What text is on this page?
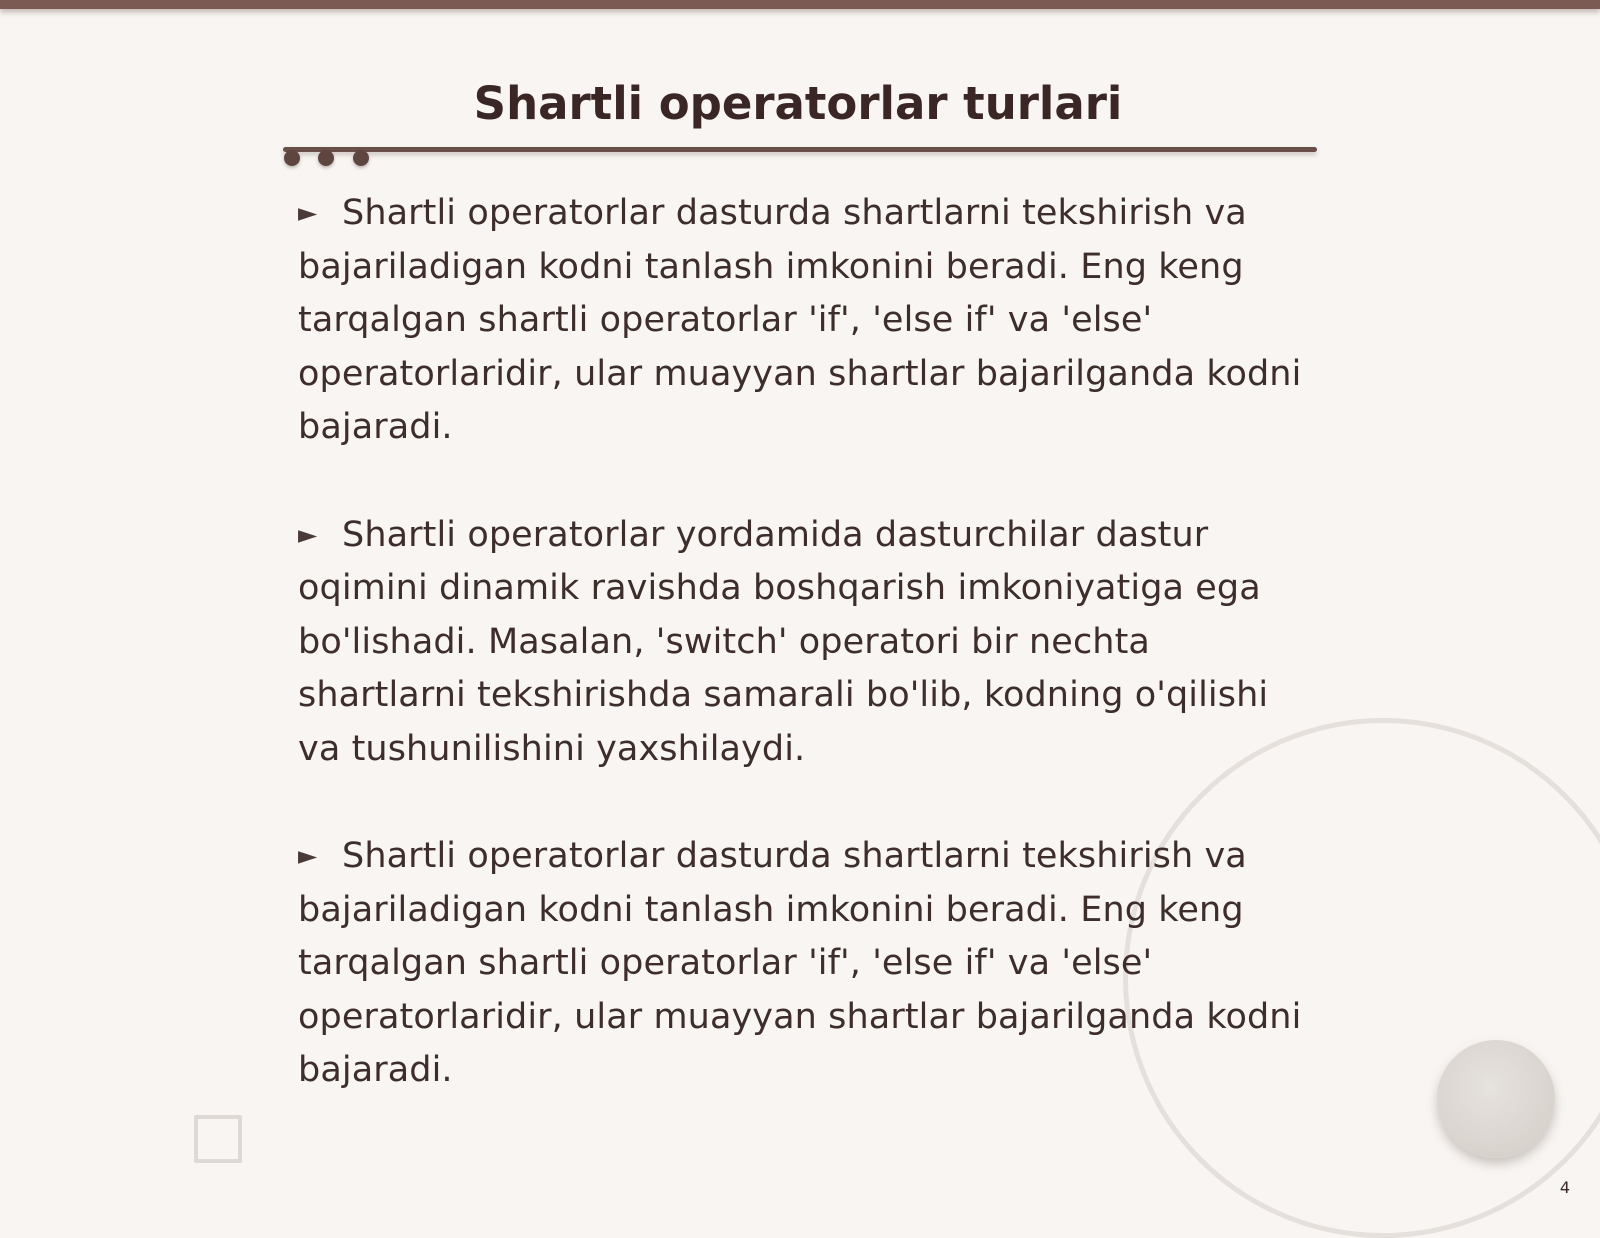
Shartli operatorlar turlari

► Shartli operatorlar dasturda shartlarni tekshirish va bajariladigan kodni tanlash imkonini beradi. Eng keng tarqalgan shartli operatorlar 'if', 'else if' va 'else' operatorlaridir, ular muayyan shartlar bajarilganda kodni bajaradi.

► Shartli operatorlar yordamida dasturchilar dastur oqimini dinamik ravishda boshqarish imkoniyatiga ega bo'lishadi. Masalan, 'switch' operatori bir nechta shartlarni tekshirishda samarali bo'lib, kodning o'qilishi va tushunilishini yaxshilaydi.

► Shartli operatorlar dasturda shartlarni tekshirish va bajariladigan kodni tanlash imkonini beradi. Eng keng tarqalgan shartli operatorlar 'if', 'else if' va 'else' operatorlaridir, ular muayyan shartlar bajarilganda kodni bajaradi.

4
